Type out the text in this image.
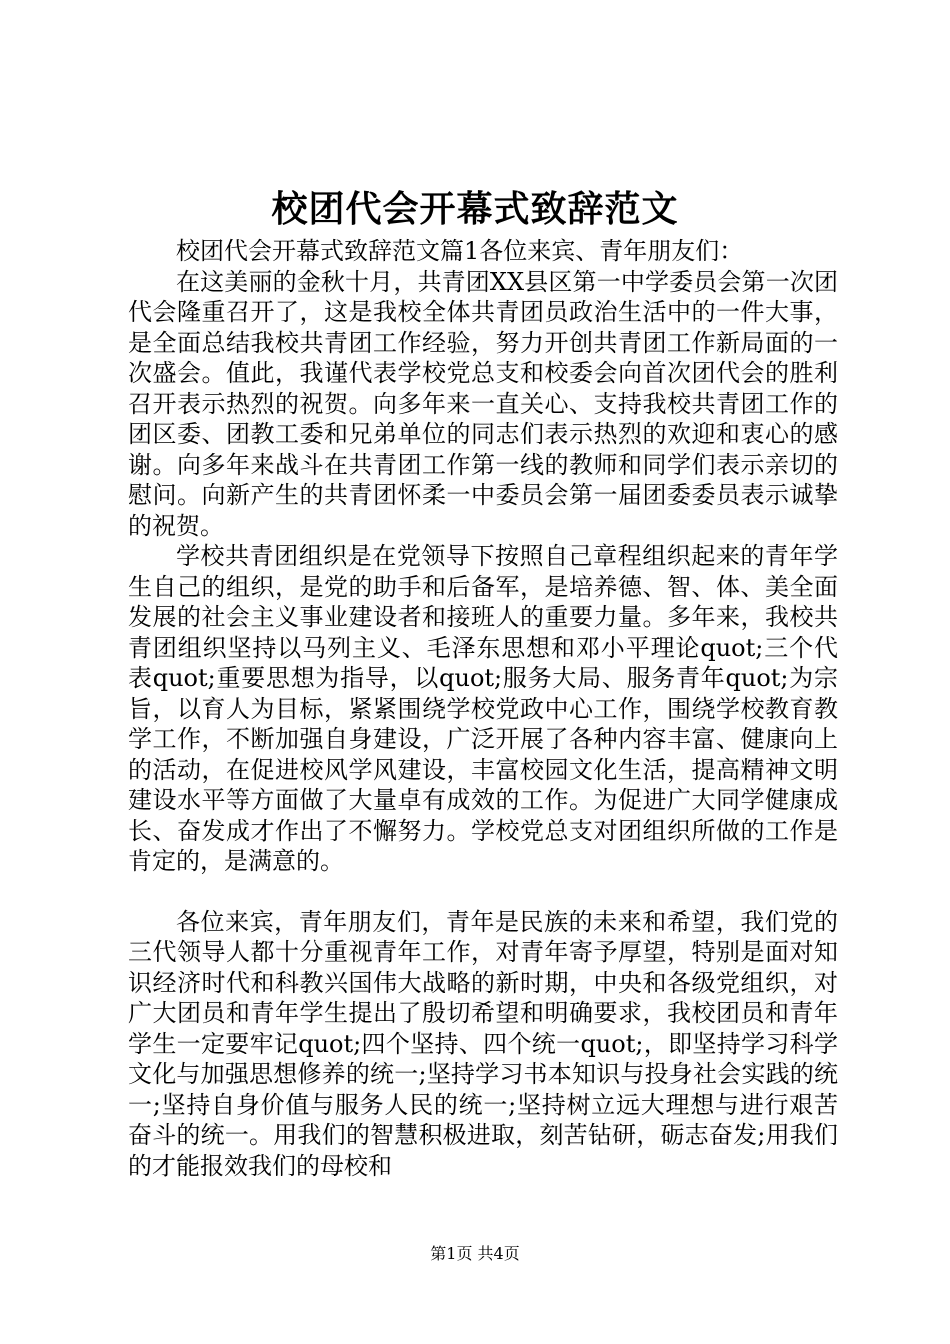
校团代会开幕式致辞范文

校团代会开幕式致辞范文篇1各位来宾、青年朋友们：

在这美丽的金秋十月，共青团XX县区第一中学委员会第一次团代会隆重召开了，这是我校全体共青团员政治生活中的一件大事，是全面总结我校共青团工作经验，努力开创共青团工作新局面的一次盛会。值此，我谨代表学校党总支和校委会向首次团代会的胜利召开表示热烈的祝贺。向多年来一直关心、支持我校共青团工作的团区委、团教工委和兄弟单位的同志们表示热烈的欢迎和衷心的感谢。向多年来战斗在共青团工作第一线的教师和同学们表示亲切的慰问。向新产生的共青团怀柔一中委员会第一届团委委员表示诚挚的祝贺。

学校共青团组织是在党领导下按照自己章程组织起来的青年学生自己的组织，是党的助手和后备军，是培养德、智、体、美全面发展的社会主义事业建设者和接班人的重要力量。多年来，我校共青团组织坚持以马列主义、毛泽东思想和邓小平理论quot;三个代表quot;重要思想为指导，以quot;服务大局、服务青年quot;为宗旨，以育人为目标，紧紧围绕学校党政中心工作，围绕学校教育教学工作，不断加强自身建设，广泛开展了各种内容丰富、健康向上的活动，在促进校风学风建设，丰富校园文化生活，提高精神文明建设水平等方面做了大量卓有成效的工作。为促进广大同学健康成长、奋发成才作出了不懈努力。学校党总支对团组织所做的工作是肯定的，是满意的。

各位来宾，青年朋友们，青年是民族的未来和希望，我们党的三代领导人都十分重视青年工作，对青年寄予厚望，特别是面对知识经济时代和科教兴国伟大战略的新时期，中央和各级党组织，对广大团员和青年学生提出了殷切希望和明确要求，我校团员和青年学生一定要牢记quot;四个坚持、四个统一quot;，即坚持学习科学文化与加强思想修养的统一;坚持学习书本知识与投身社会实践的统一;坚持自身价值与服务人民的统一;坚持树立远大理想与进行艰苦奋斗的统一。用我们的智慧积极进取，刻苦钻研，砺志奋发;用我们的才能报效我们的母校和

第1页 共4页
